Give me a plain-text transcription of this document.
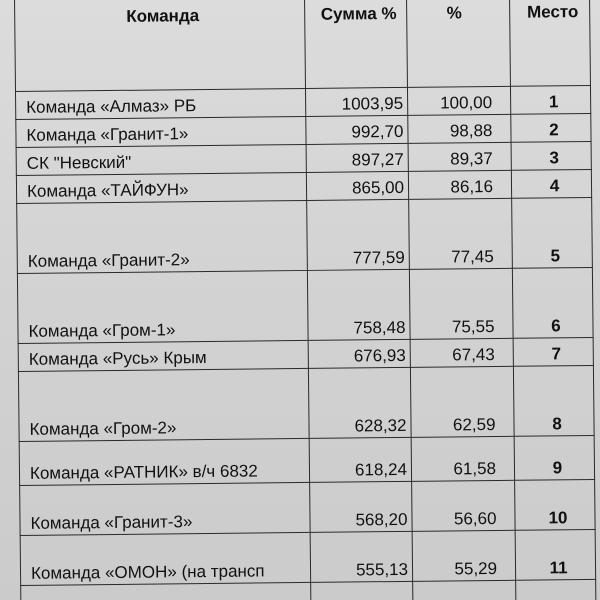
Команда	Сумма %	%	Место
Команда «Алмаз» РБ	1003,95	100,00	1
Команда «Гранит-1»	992,70	98,88	2
СК "Невский"	897,27	89,37	3
Команда «ТАЙФУН»	865,00	86,16	4
Команда «Гранит-2»	777,59	77,45	5
Команда «Гром-1»	758,48	75,55	6
Команда «Русь» Крым	676,93	67,43	7
Команда «Гром-2»	628,32	62,59	8
Команда «РАТНИК» в/ч 6832	618,24	61,58	9
Команда «Гранит-3»	568,20	56,60	10
Команда «ОМОН» (на трансп	555,13	55,29	11
